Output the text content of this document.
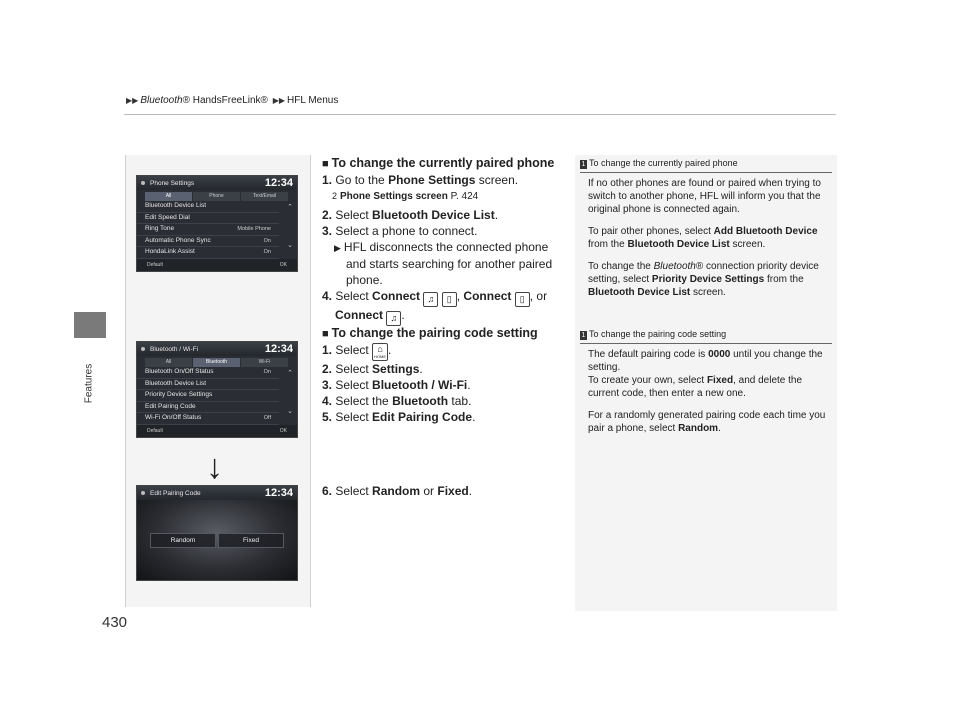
▶▶ Bluetooth® HandsFreeLink® ▶▶ HFL Menus
Features
430
Phone Settings	12:34
All	Phone	Text/Email
Bluetooth Device List
Edit Speed Dial
Ring Tone	Mobile Phone
Automatic Phone Sync	On
HondaLink Assist	On
⌃
⌄
Default	OK
Bluetooth / Wi-Fi	12:34
All	Bluetooth	Wi-Fi
Bluetooth On/Off Status	On
Bluetooth Device List
Priority Device Settings
Edit Pairing Code
Wi-Fi On/Off Status	Off
⌃
⌄
Default	OK
Edit Pairing Code	12:34
Random	Fixed
↓
■ To change the currently paired phone
1. Go to the Phone Settings screen.
2 Phone Settings screen P. 424
2. Select Bluetooth Device List.
3. Select a phone to connect.
▶ HFL disconnects the connected phone and starts searching for another paired phone.
4. Select Connect ♫ ▯ , Connect ▯ , or
Connect ♫ .
■ To change the pairing code setting
1. Select ⌂
HOME .
2. Select Settings.
3. Select Bluetooth / Wi-Fi.
4. Select the Bluetooth tab.
5. Select Edit Pairing Code.
6. Select Random or Fixed.
1 To change the currently paired phone

If no other phones are found or paired when trying to switch to another phone, HFL will inform you that the original phone is connected again.

To pair other phones, select Add Bluetooth Device from the Bluetooth Device List screen.

To change the Bluetooth® connection priority device setting, select Priority Device Settings from the Bluetooth Device List screen.

1 To change the pairing code setting

The default pairing code is 0000 until you change the setting.

To create your own, select Fixed, and delete the current code, then enter a new one.

For a randomly generated pairing code each time you pair a phone, select Random.
